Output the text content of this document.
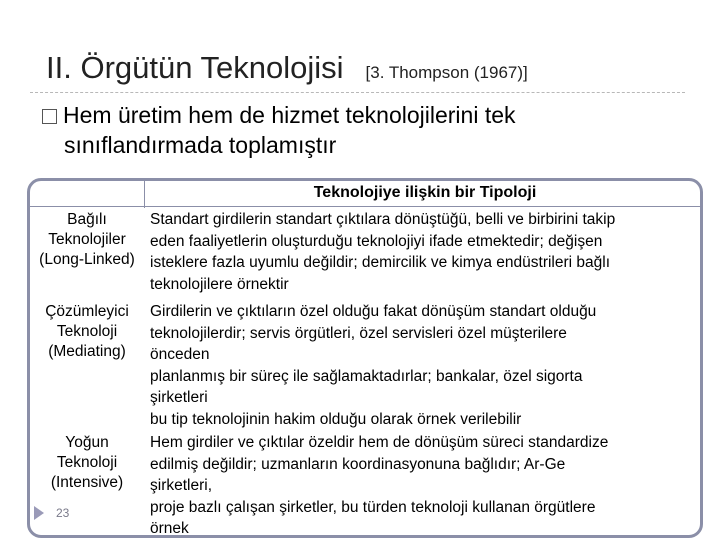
II. Örgütün Teknolojisi [3. Thompson (1967)]
Hem üretim hem de hizmet teknolojilerini tek
sınıflandırmada toplamıştır
Teknolojiye ilişkin bir Tipoloji
Bağılı
Teknolojiler
(Long-Linked)
Standart girdilerin standart çıktılara dönüştüğü, belli ve birbirini takip
eden faaliyetlerin oluşturduğu teknolojiyi ifade etmektedir; değişen
isteklere fazla uyumlu değildir; demircilik ve kimya endüstrileri bağlı
teknolojilere örnektir
Çözümleyici
Teknoloji
(Mediating)
Girdilerin ve çıktıların özel olduğu fakat dönüşüm standart olduğu
teknolojilerdir; servis örgütleri, özel servisleri özel müşterilere
önceden
planlanmış bir süreç ile sağlamaktadırlar; bankalar, özel sigorta
şirketleri
bu tip teknolojinin hakim olduğu olarak örnek verilebilir
Yoğun
Teknoloji
(Intensive)
Hem girdiler ve çıktılar özeldir hem de dönüşüm süreci standardize
edilmiş değildir; uzmanların koordinasyonuna bağlıdır; Ar-Ge
şirketleri,
proje bazlı çalışan şirketler, bu türden teknoloji kullanan örgütlere
örnek
23
